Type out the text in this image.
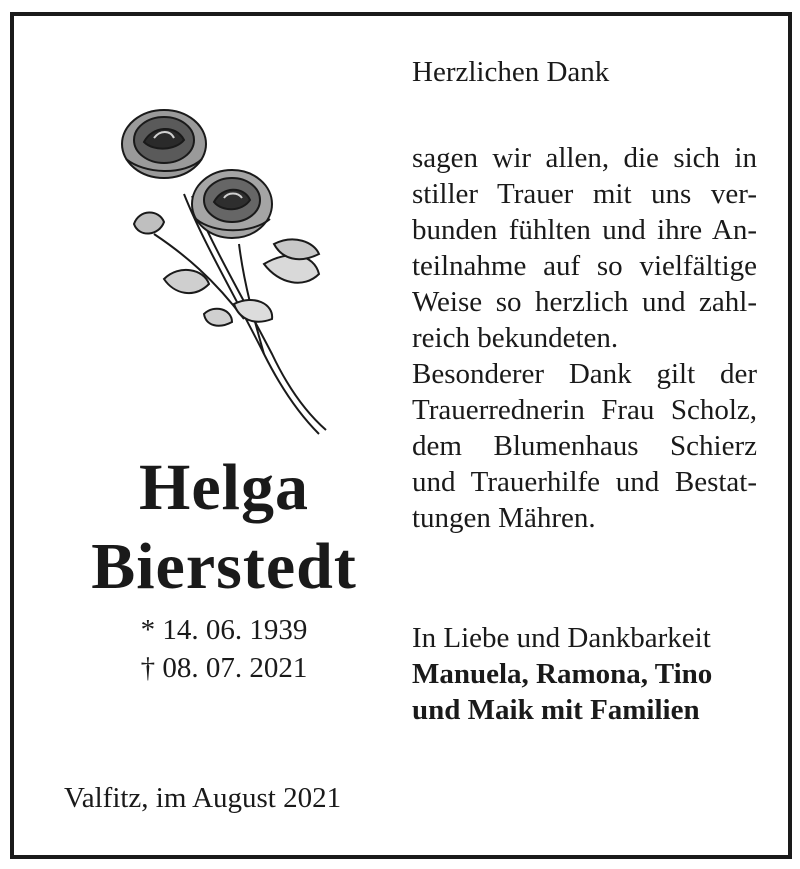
Helga
Bierstedt
* 14. 06. 1939
† 08. 07. 2021
Valfitz, im August 2021
Herzlichen Dank
sagen wir allen, die sich in
stiller Trauer mit uns ver-
bunden fühlten und ihre An-
teilnahme auf so vielfältige
Weise so herzlich und zahl-
reich bekundeten.
Besonderer Dank gilt der
Trauerrednerin Frau Scholz,
dem Blumenhaus Schierz
und Trauerhilfe und Bestat-
tungen Mähren.
In Liebe und Dankbarkeit
Manuela, Ramona, Tino
und Maik mit Familien
